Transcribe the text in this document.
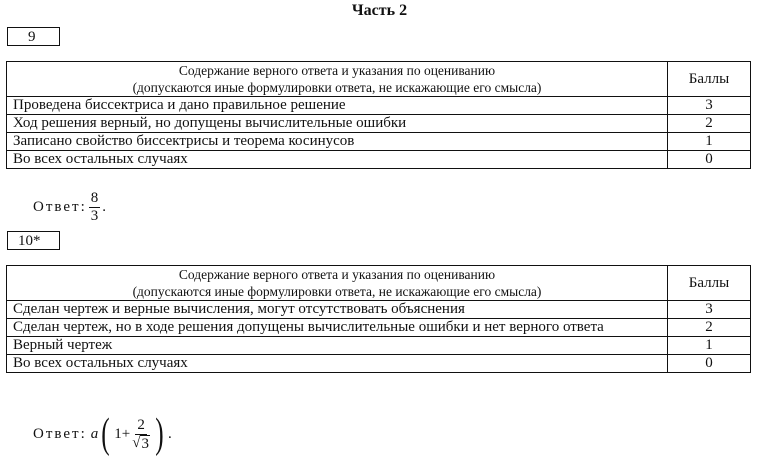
Часть 2
9
Содержание верного ответа и указания по оцениванию
(допускаются иные формулировки ответа, не искажающие его смысла)	Баллы
Проведена биссектриса и дано правильное решение	3
Ход решения верный, но допущены вычислительные ошибки	2
Записано свойство биссектрисы и теорема косинусов	1
Во всех остальных случаях	0
Ответ: $\frac{8}{3}$ .
10*
Содержание верного ответа и указания по оцениванию
(допускаются иные формулировки ответа, не искажающие его смысла)	Баллы
Сделан чертеж и верные вычисления, могут отсутствовать объяснения	3
Сделан чертеж, но в ходе решения допущены вычислительные ошибки и нет верного ответа	2
Верный чертеж	1
Во всех остальных случаях	0
Ответ: a ( $1+ \frac{2}{√ 3}$ ) .
